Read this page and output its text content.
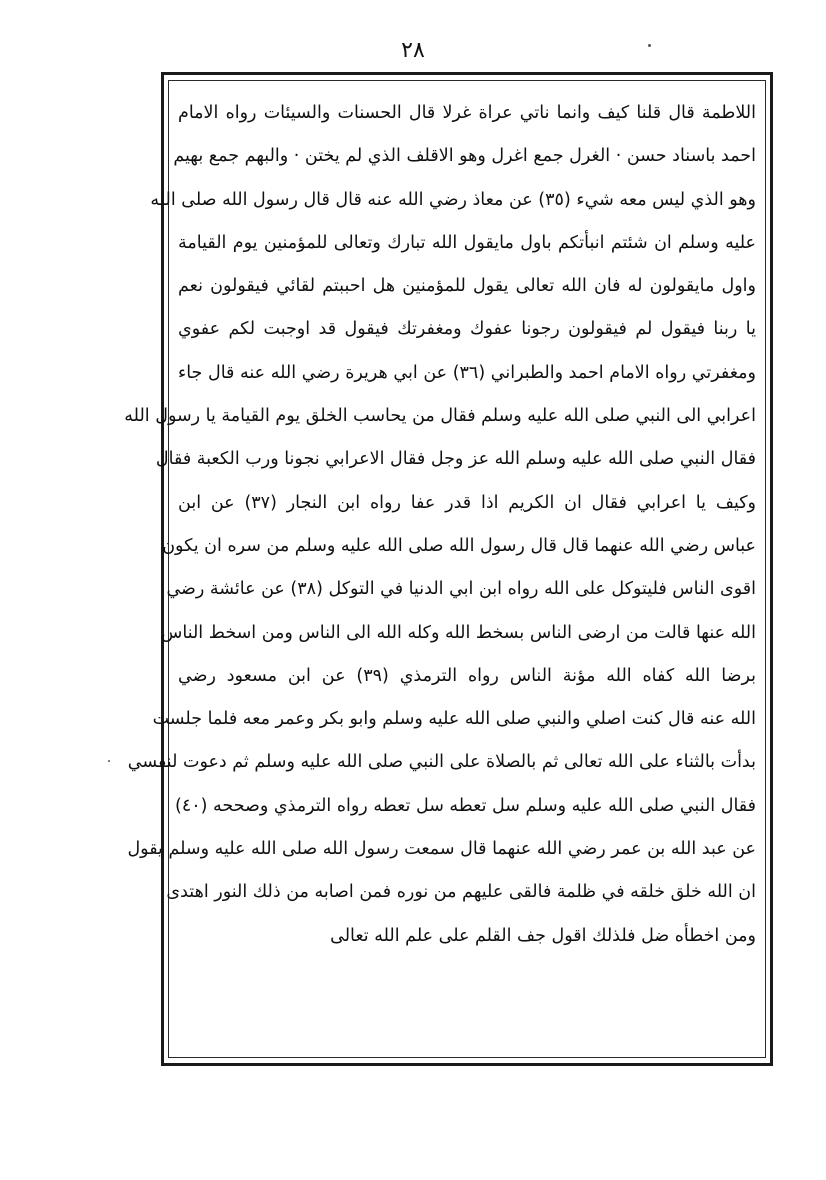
٢٨
اللاطمة قال قلنا كيف وانما ناتي عراة غرلا قال الحسنات والسيئات رواه الامام
احمد باسناد حسن · الغرل جمع اغرل وهو الاقلف الذي لم يختن · والبهم جمع بهيم
وهو الذي ليس معه شيء (٣٥) عن معاذ رضي الله عنه قال قال رسول الله صلى الله
عليه وسلم ان شئتم انبأتكم باول مايقول الله تبارك وتعالى للمؤمنين يوم القيامة
واول مايقولون له فان الله تعالى يقول للمؤمنين هل احببتم لقائي فيقولون نعم
يا ربنا فيقول لم فيقولون رجونا عفوك ومغفرتك فيقول قد اوجبت لكم عفوي
ومغفرتي رواه الامام احمد والطبراني (٣٦) عن ابي هريرة رضي الله عنه قال جاء
اعرابي الى النبي صلى الله عليه وسلم فقال من يحاسب الخلق يوم القيامة يا رسول الله
فقال النبي صلى الله عليه وسلم الله عز وجل فقال الاعرابي نجونا ورب الكعبة فقال
وكيف يا اعرابي فقال ان الكريم اذا قدر عفا رواه ابن النجار (٣٧) عن ابن
عباس رضي الله عنهما قال قال رسول الله صلى الله عليه وسلم من سره ان يكون
اقوى الناس فليتوكل على الله رواه ابن ابي الدنيا في التوكل (٣٨) عن عائشة رضي
الله عنها قالت من ارضى الناس بسخط الله وكله الله الى الناس ومن اسخط الناس
برضا الله كفاه الله مؤنة الناس رواه الترمذي (٣٩) عن ابن مسعود رضي
الله عنه قال كنت اصلي والنبي صلى الله عليه وسلم وابو بكر وعمر معه فلما جلست
بدأت بالثناء على الله تعالى ثم بالصلاة على النبي صلى الله عليه وسلم ثم دعوت لنفسي
فقال النبي صلى الله عليه وسلم سل تعطه سل تعطه رواه الترمذي وصححه (٤٠)
عن عبد الله بن عمر رضي الله عنهما قال سمعت رسول الله صلى الله عليه وسلم يقول
ان الله خلق خلقه في ظلمة فالقى عليهم من نوره فمن اصابه من ذلك النور اهتدى
ومن اخطأه ضل فلذلك اقول جف القلم على علم الله تعالى
